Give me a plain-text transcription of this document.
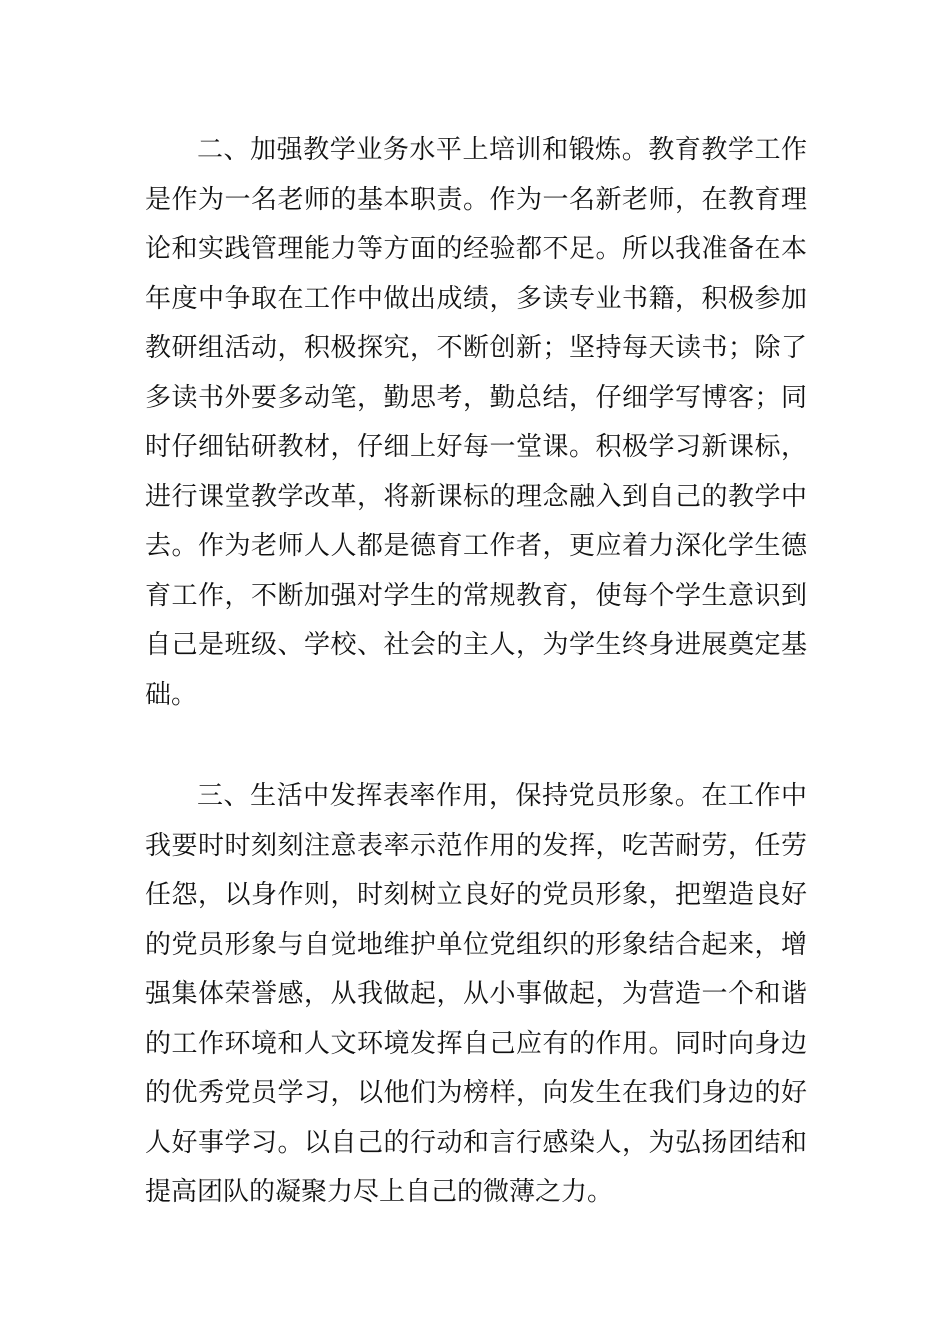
二、加强教学业务水平上培训和锻炼。教育教学工作
是作为一名老师的基本职责。作为一名新老师，在教育理
论和实践管理能力等方面的经验都不足。所以我准备在本
年度中争取在工作中做出成绩，多读专业书籍，积极参加
教研组活动，积极探究，不断创新；坚持每天读书；除了
多读书外要多动笔，勤思考，勤总结，仔细学写博客；同
时仔细钻研教材，仔细上好每一堂课。积极学习新课标，
进行课堂教学改革，将新课标的理念融入到自己的教学中
去。作为老师人人都是德育工作者，更应着力深化学生德
育工作，不断加强对学生的常规教育，使每个学生意识到
自己是班级、学校、社会的主人，为学生终身进展奠定基
础。
三、生活中发挥表率作用，保持党员形象。在工作中
我要时时刻刻注意表率示范作用的发挥，吃苦耐劳，任劳
任怨，以身作则，时刻树立良好的党员形象，把塑造良好
的党员形象与自觉地维护单位党组织的形象结合起来，增
强集体荣誉感，从我做起，从小事做起，为营造一个和谐
的工作环境和人文环境发挥自己应有的作用。同时向身边
的优秀党员学习，以他们为榜样，向发生在我们身边的好
人好事学习。以自己的行动和言行感染人，为弘扬团结和
提高团队的凝聚力尽上自己的微薄之力。
